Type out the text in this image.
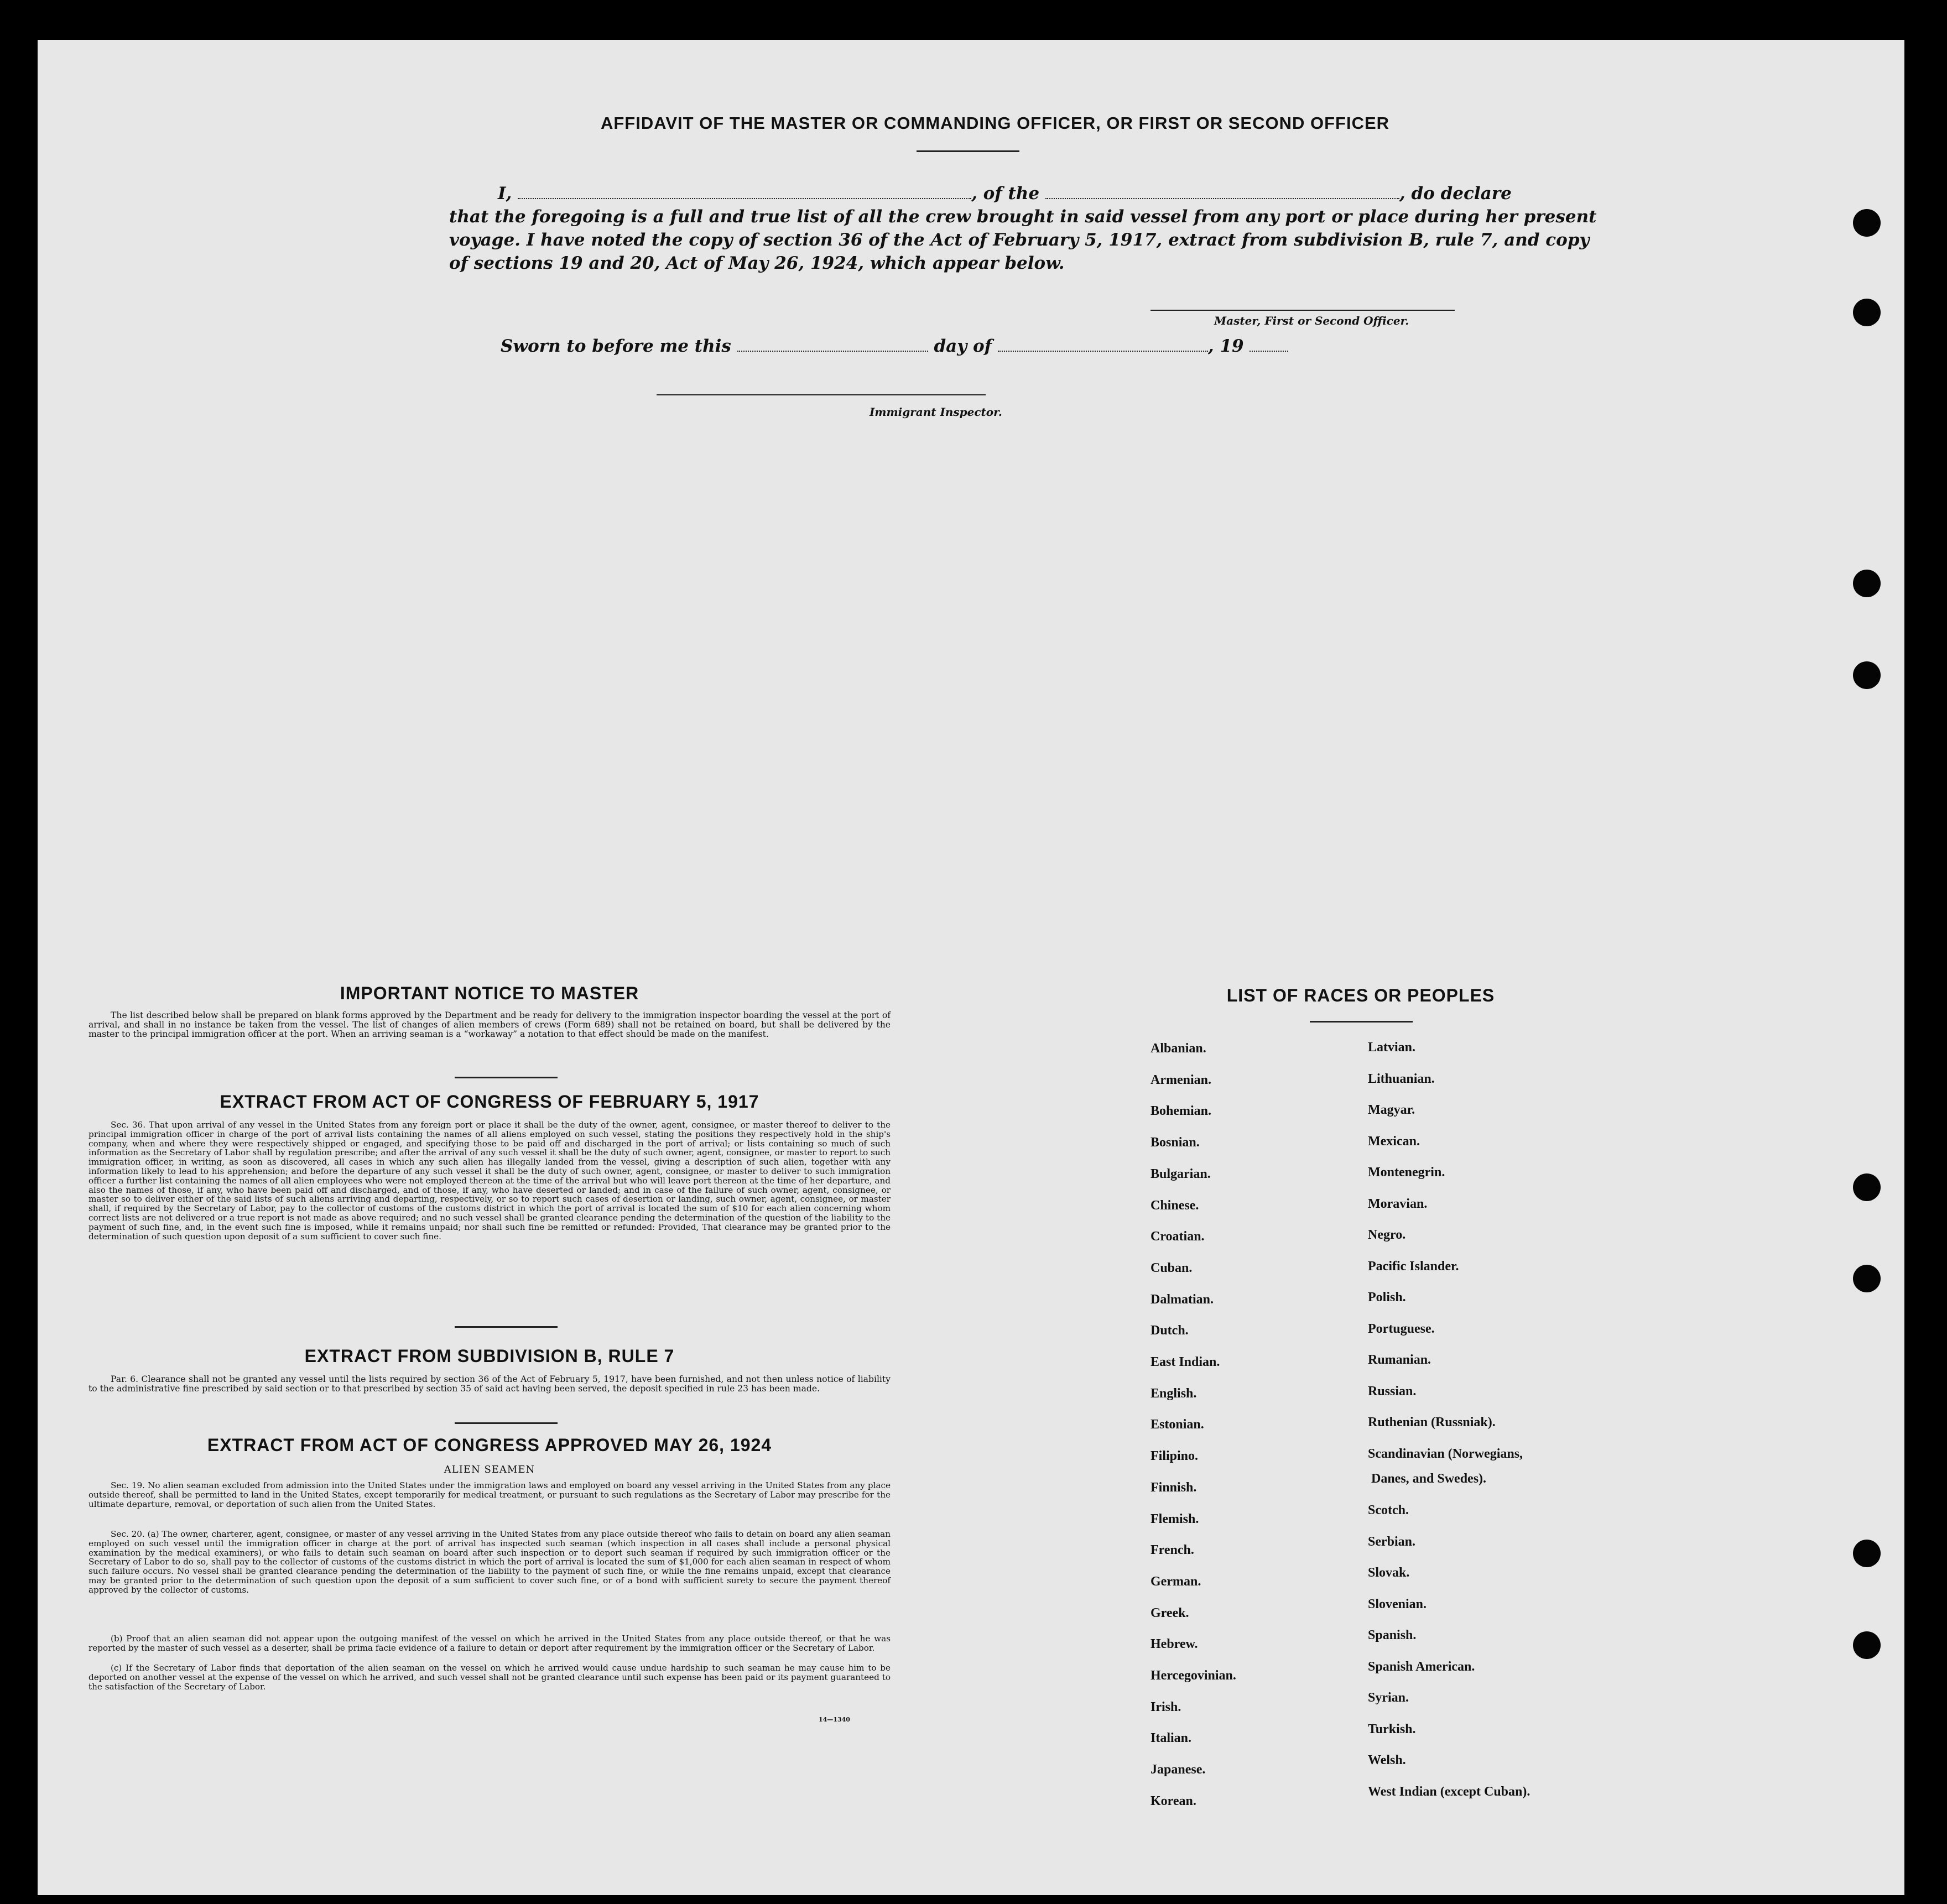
AFFIDAVIT OF THE MASTER OR COMMANDING OFFICER, OR FIRST OR SECOND OFFICER
I,	, of the	, do declare
that the foregoing is a full and true list of all the crew brought in said vessel from any port or place during her present
voyage. I have noted the copy of section 36 of the Act of February 5, 1917, extract from subdivision B, rule 7, and copy
of sections 19 and 20, Act of May 26, 1924, which appear below.
Master, First or Second Officer.
Sworn to before me this	day of	, 19
Immigrant Inspector.
IMPORTANT NOTICE TO MASTER
The list described below shall be prepared on blank forms approved by the Department and be ready for delivery to the immigration inspector boarding the vessel at the port of arrival, and shall in no instance be taken from the vessel. The list of changes of alien members of crews (Form 689) shall not be retained on board, but shall be delivered by the master to the principal immigration officer at the port. When an arriving seaman is a “workaway” a notation to that effect should be made on the manifest.
EXTRACT FROM ACT OF CONGRESS OF FEBRUARY 5, 1917
Sec. 36. That upon arrival of any vessel in the United States from any foreign port or place it shall be the duty of the owner, agent, consignee, or master thereof to deliver to the principal immigration officer in charge of the port of arrival lists containing the names of all aliens employed on such vessel, stating the positions they respectively hold in the ship's company, when and where they were respectively shipped or engaged, and specifying those to be paid off and discharged in the port of arrival; or lists containing so much of such information as the Secretary of Labor shall by regulation prescribe; and after the arrival of any such vessel it shall be the duty of such owner, agent, consignee, or master to report to such immigration officer, in writing, as soon as discovered, all cases in which any such alien has illegally landed from the vessel, giving a description of such alien, together with any information likely to lead to his apprehension; and before the departure of any such vessel it shall be the duty of such owner, agent, consignee, or master to deliver to such immigration officer a further list containing the names of all alien employees who were not employed thereon at the time of the arrival but who will leave port thereon at the time of her departure, and also the names of those, if any, who have been paid off and discharged, and of those, if any, who have deserted or landed; and in case of the failure of such owner, agent, consignee, or master so to deliver either of the said lists of such aliens arriving and departing, respectively, or so to report such cases of desertion or landing, such owner, agent, consignee, or master shall, if required by the Secretary of Labor, pay to the collector of customs of the customs district in which the port of arrival is located the sum of $10 for each alien concerning whom correct lists are not delivered or a true report is not made as above required; and no such vessel shall be granted clearance pending the determination of the question of the liability to the payment of such fine, and, in the event such fine is imposed, while it remains unpaid; nor shall such fine be remitted or refunded: Provided, That clearance may be granted prior to the determination of such question upon deposit of a sum sufficient to cover such fine.
EXTRACT FROM SUBDIVISION B, RULE 7
Par. 6. Clearance shall not be granted any vessel until the lists required by section 36 of the Act of February 5, 1917, have been furnished, and not then unless notice of liability to the administrative fine prescribed by said section or to that prescribed by section 35 of said act having been served, the deposit specified in rule 23 has been made.
EXTRACT FROM ACT OF CONGRESS APPROVED MAY 26, 1924
ALIEN SEAMEN
Sec. 19. No alien seaman excluded from admission into the United States under the immigration laws and employed on board any vessel arriving in the United States from any place outside thereof, shall be permitted to land in the United States, except temporarily for medical treatment, or pursuant to such regulations as the Secretary of Labor may prescribe for the ultimate departure, removal, or deportation of such alien from the United States.
Sec. 20. (a) The owner, charterer, agent, consignee, or master of any vessel arriving in the United States from any place outside thereof who fails to detain on board any alien seaman employed on such vessel until the immigration officer in charge at the port of arrival has inspected such seaman (which inspection in all cases shall include a personal physical examination by the medical examiners), or who fails to detain such seaman on board after such inspection or to deport such seaman if required by such immigration officer or the Secretary of Labor to do so, shall pay to the collector of customs of the customs district in which the port of arrival is located the sum of $1,000 for each alien seaman in respect of whom such failure occurs. No vessel shall be granted clearance pending the determination of the liability to the payment of such fine, or while the fine remains unpaid, except that clearance may be granted prior to the determination of such question upon the deposit of a sum sufficient to cover such fine, or of a bond with sufficient surety to secure the payment thereof approved by the collector of customs.
(b) Proof that an alien seaman did not appear upon the outgoing manifest of the vessel on which he arrived in the United States from any place outside thereof, or that he was reported by the master of such vessel as a deserter, shall be prima facie evidence of a failure to detain or deport after requirement by the immigration officer or the Secretary of Labor.
(c) If the Secretary of Labor finds that deportation of the alien seaman on the vessel on which he arrived would cause undue hardship to such seaman he may cause him to be deported on another vessel at the expense of the vessel on which he arrived, and such vessel shall not be granted clearance until such expense has been paid or its payment guaranteed to the satisfaction of the Secretary of Labor.
14—1340
LIST OF RACES OR PEOPLES
Albanian.
Armenian.
Bohemian.
Bosnian.
Bulgarian.
Chinese.
Croatian.
Cuban.
Dalmatian.
Dutch.
East Indian.
English.
Estonian.
Filipino.
Finnish.
Flemish.
French.
German.
Greek.
Hebrew.
Hercegovinian.
Irish.
Italian.
Japanese.
Korean.
Latvian.
Lithuanian.
Magyar.
Mexican.
Montenegrin.
Moravian.
Negro.
Pacific Islander.
Polish.
Portuguese.
Rumanian.
Russian.
Ruthenian (Russniak).
Scandinavian (Norwegians,
Scotch.
Serbian.
Slovak.
Slovenian.
Spanish.
Spanish American.
Syrian.
Turkish.
Welsh.
West Indian (except Cuban).
Danes, and Swedes).
